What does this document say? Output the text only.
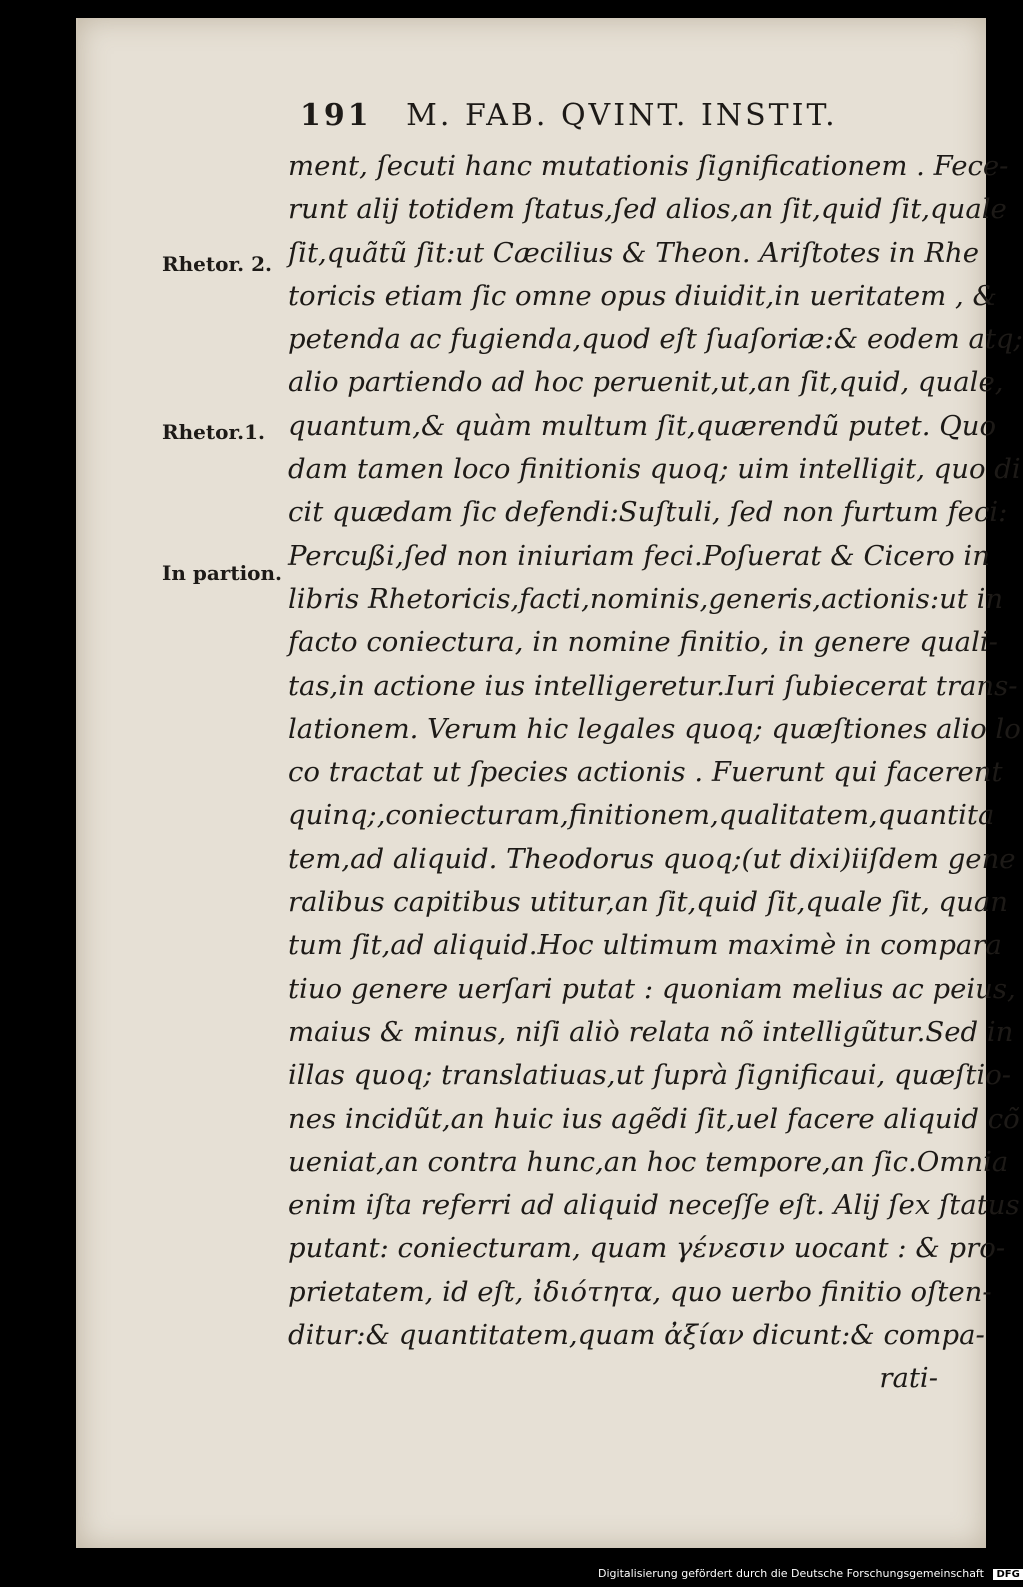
191 M. FAB. QVINT. INSTIT.
Rhetor. 2.
Rhetor.1.
In partion.
ment, ſecuti hanc mutationis ſignificationem . Fece-
runt alij totidem ſtatus,ſed alios,an ſit,quid ſit,quale
ſit,quãtũ ſit:ut Cæcilius & Theon. Ariſtotes in Rhe
toricis etiam ſic omne opus diuidit,in ueritatem , &
petenda ac fugienda,quod eſt ſuaſoriæ:& eodem atq;
alio partiendo ad hoc peruenit,ut,an ſit,quid, quale,
quantum,& quàm multum ſit,quærendũ putet. Quo
dam tamen loco finitionis quoq; uim intelligit, quo di
cit quædam ſic defendi:Suſtuli, ſed non furtum feci:
Percußi,ſed non iniuriam feci.Poſuerat & Cicero in
libris Rhetoricis,facti,nominis,generis,actionis:ut in
facto coniectura, in nomine finitio, in genere quali-
tas,in actione ius intelligeretur.Iuri ſubiecerat trans-
lationem. Verum hic legales quoq; quæſtiones alio lo
co tractat ut ſpecies actionis . Fuerunt qui facerent
quinq;,coniecturam,finitionem,qualitatem,quantita
tem,ad aliquid. Theodorus quoq;(ut dixi)iiſdem gene
ralibus capitibus utitur,an ſit,quid ſit,quale ſit, quan
tum ſit,ad aliquid.Hoc ultimum maximè in compara
tiuo genere uerſari putat : quoniam melius ac peius,
maius & minus, niſi aliò relata nõ intelligũtur.Sed in
illas quoq; translatiuas,ut ſuprà ſignificaui, quæſtio-
nes incidũt,an huic ius agẽdi ſit,uel facere aliquid cõ
ueniat,an contra hunc,an hoc tempore,an ſic.Omnia
enim iſta referri ad aliquid neceſſe eſt. Alij ſex ſtatus
putant: coniecturam, quam γένεσιν uocant : & pro-
prietatem, id eſt, ἰδιότητα, quo uerbo finitio oſten-
ditur:& quantitatem,quam ἀξίαν dicunt:& compa-
rati-
Digitalisierung gefördert durch die Deutsche Forschungsgemeinschaft DFG
